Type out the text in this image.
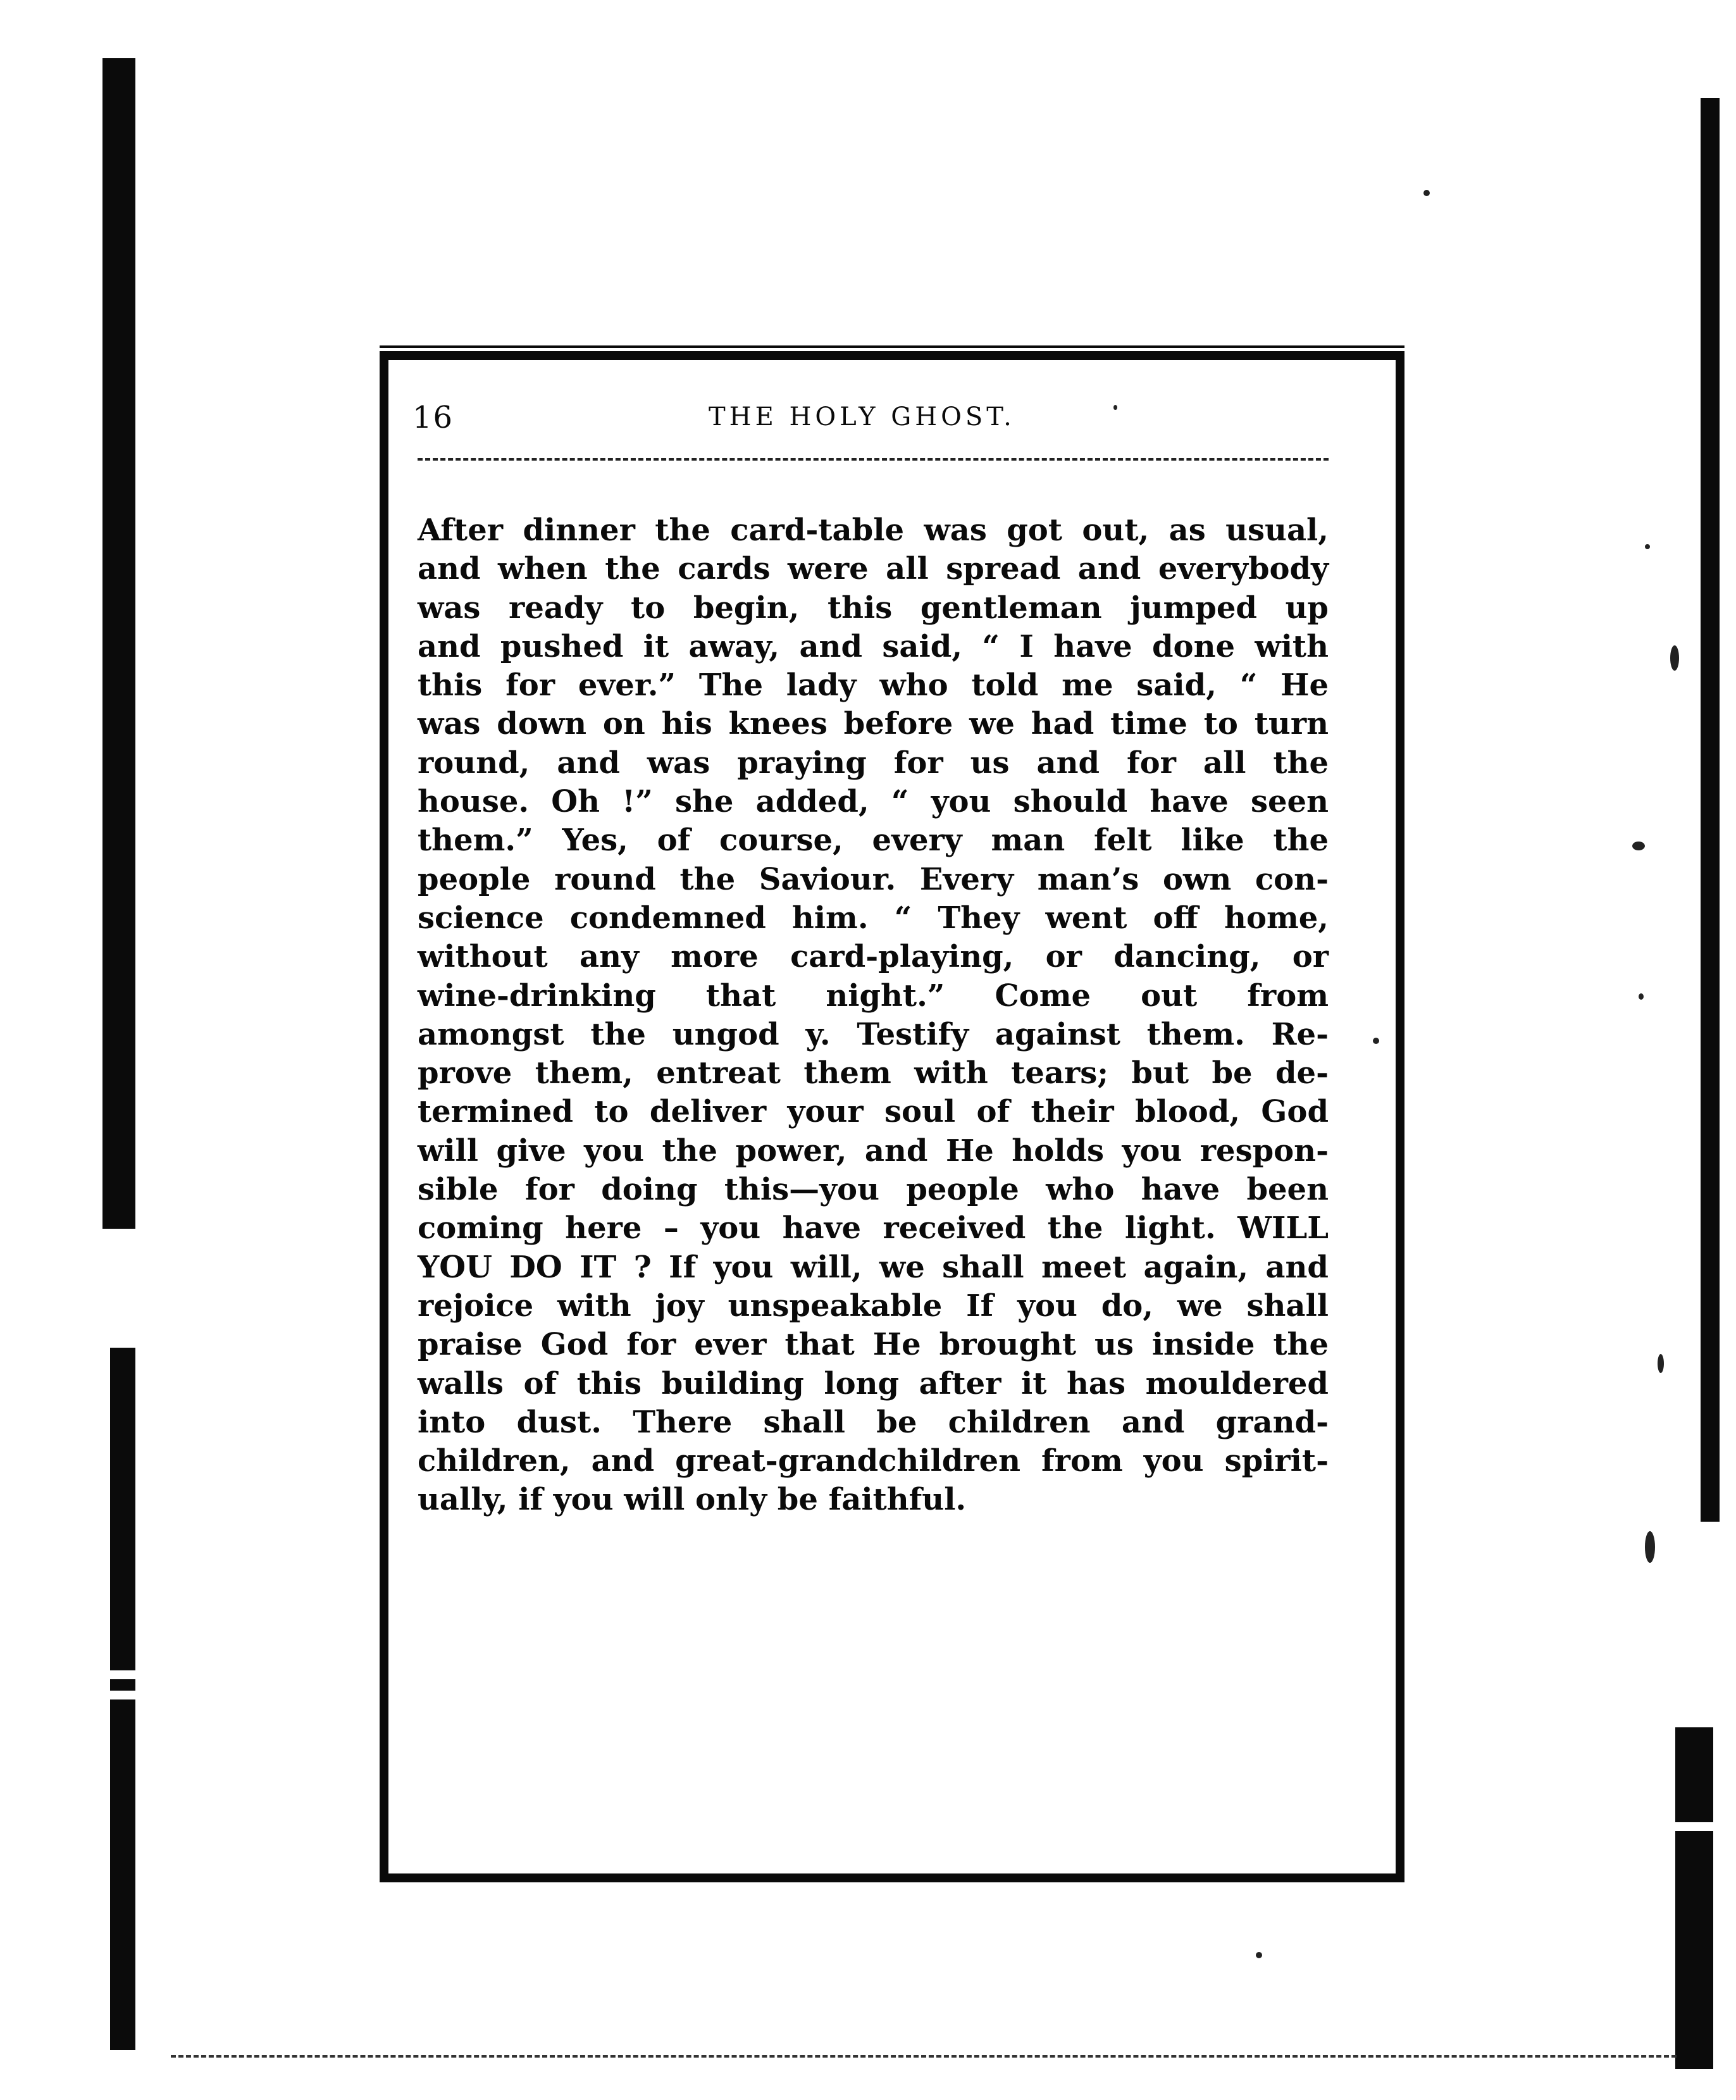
16	THE HOLY GHOST.
After dinner the card-table was got out, as usual,
and when the cards were all spread and everybody
was ready to begin, this gentleman jumped up
and pushed it away, and said, “ I have done with
this for ever.” The lady who told me said, “ He
was down on his knees before we had time to turn
round, and was praying for us and for all the
house. Oh !” she added, “ you should have seen
them.” Yes, of course, every man felt like the
people round the Saviour. Every man’s own con-
science condemned him. “ They went off home,
without any more card-playing, or dancing, or
wine-drinking that night.” Come out from
amongst the ungod y. Testify against them. Re-
prove them, entreat them with tears; but be de-
termined to deliver your soul of their blood, God
will give you the power, and He holds you respon-
sible for doing this—you people who have been
coming here – you have received the light. WILL
YOU DO IT ? If you will, we shall meet again, and
rejoice with joy unspeakable If you do, we shall
praise God for ever that He brought us inside the
walls of this building long after it has mouldered
into dust. There shall be children and grand-
children, and great-grandchildren from you spirit-
ually, if you will only be faithful.
